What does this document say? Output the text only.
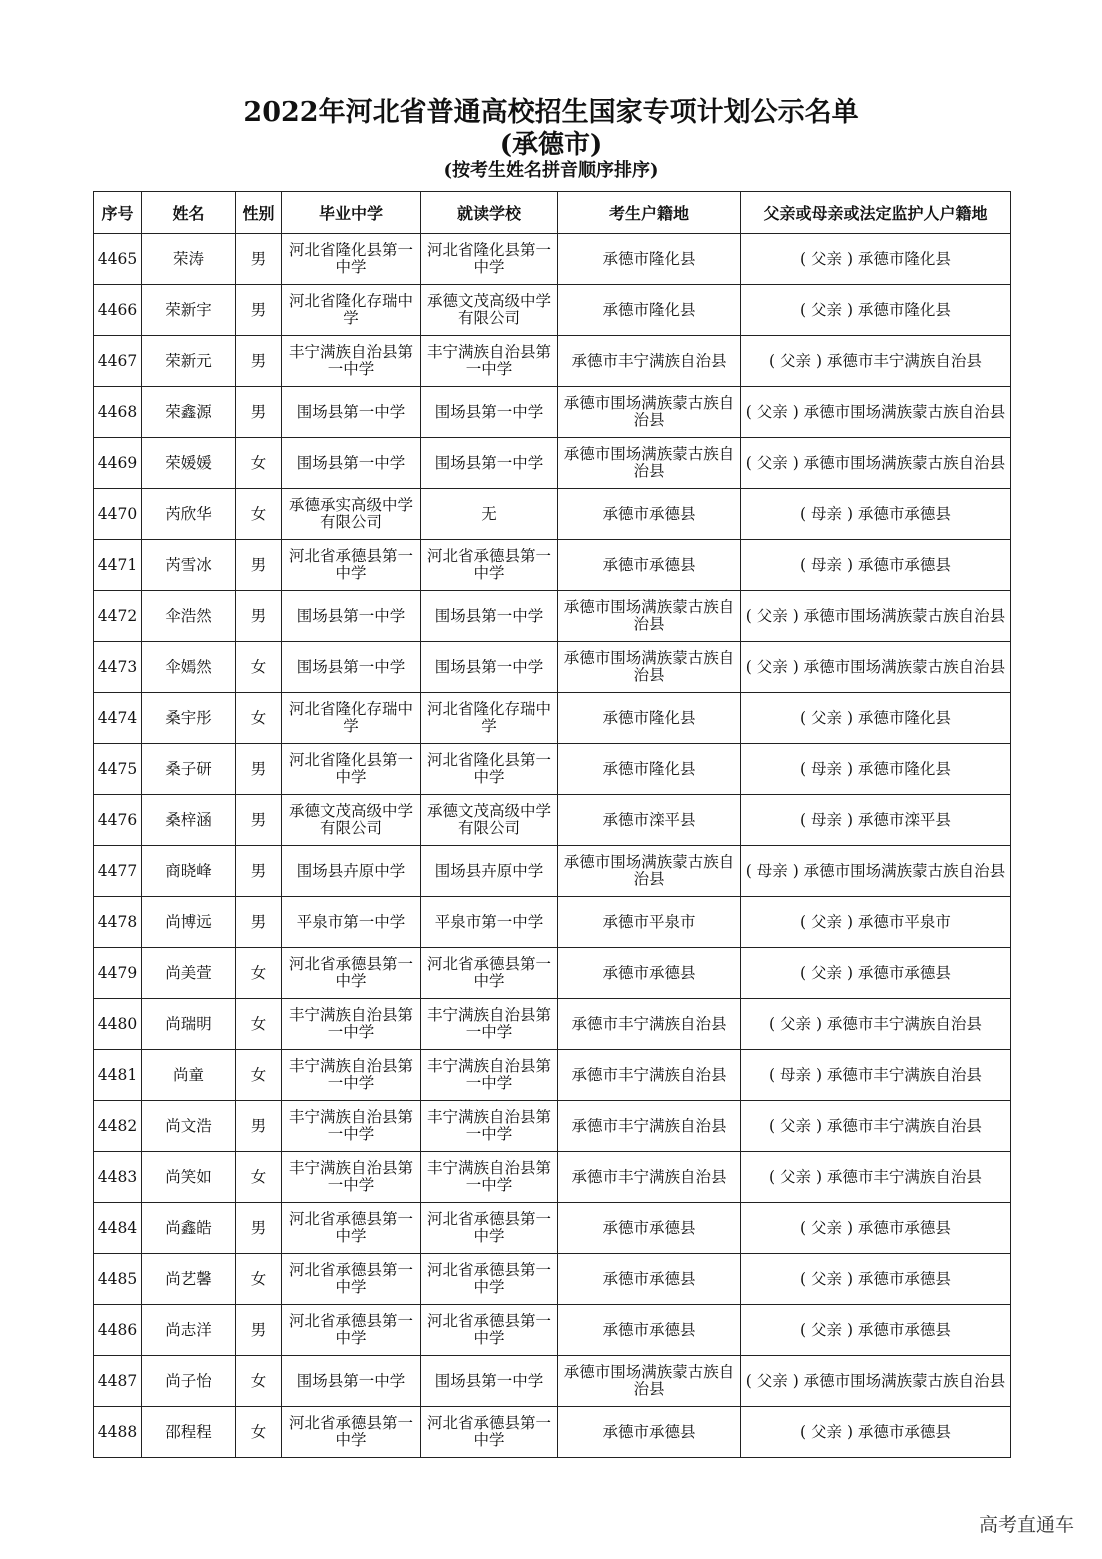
2022年河北省普通高校招生国家专项计划公示名单
(承德市)
(按考生姓名拼音顺序排序)
序号	姓名	性别	毕业中学	就读学校	考生户籍地	父亲或母亲或法定监护人户籍地
4465	荣涛	男	河北省隆化县第一中学	河北省隆化县第一中学	承德市隆化县	( 父亲 ) 承德市隆化县
4466	荣新宇	男	河北省隆化存瑞中学	承德文茂高级中学有限公司	承德市隆化县	( 父亲 ) 承德市隆化县
4467	荣新元	男	丰宁满族自治县第一中学	丰宁满族自治县第一中学	承德市丰宁满族自治县	( 父亲 ) 承德市丰宁满族自治县
4468	荣鑫源	男	围场县第一中学	围场县第一中学	承德市围场满族蒙古族自治县	( 父亲 ) 承德市围场满族蒙古族自治县
4469	荣媛媛	女	围场县第一中学	围场县第一中学	承德市围场满族蒙古族自治县	( 父亲 ) 承德市围场满族蒙古族自治县
4470	芮欣华	女	承德承实高级中学有限公司	无	承德市承德县	( 母亲 ) 承德市承德县
4471	芮雪冰	男	河北省承德县第一中学	河北省承德县第一中学	承德市承德县	( 母亲 ) 承德市承德县
4472	伞浩然	男	围场县第一中学	围场县第一中学	承德市围场满族蒙古族自治县	( 父亲 ) 承德市围场满族蒙古族自治县
4473	伞嫣然	女	围场县第一中学	围场县第一中学	承德市围场满族蒙古族自治县	( 父亲 ) 承德市围场满族蒙古族自治县
4474	桑宇彤	女	河北省隆化存瑞中学	河北省隆化存瑞中学	承德市隆化县	( 父亲 ) 承德市隆化县
4475	桑子研	男	河北省隆化县第一中学	河北省隆化县第一中学	承德市隆化县	( 母亲 ) 承德市隆化县
4476	桑梓涵	男	承德文茂高级中学有限公司	承德文茂高级中学有限公司	承德市滦平县	( 母亲 ) 承德市滦平县
4477	商晓峰	男	围场县卉原中学	围场县卉原中学	承德市围场满族蒙古族自治县	( 母亲 ) 承德市围场满族蒙古族自治县
4478	尚博远	男	平泉市第一中学	平泉市第一中学	承德市平泉市	( 父亲 ) 承德市平泉市
4479	尚美萱	女	河北省承德县第一中学	河北省承德县第一中学	承德市承德县	( 父亲 ) 承德市承德县
4480	尚瑞明	女	丰宁满族自治县第一中学	丰宁满族自治县第一中学	承德市丰宁满族自治县	( 父亲 ) 承德市丰宁满族自治县
4481	尚童	女	丰宁满族自治县第一中学	丰宁满族自治县第一中学	承德市丰宁满族自治县	( 母亲 ) 承德市丰宁满族自治县
4482	尚文浩	男	丰宁满族自治县第一中学	丰宁满族自治县第一中学	承德市丰宁满族自治县	( 父亲 ) 承德市丰宁满族自治县
4483	尚笑如	女	丰宁满族自治县第一中学	丰宁满族自治县第一中学	承德市丰宁满族自治县	( 父亲 ) 承德市丰宁满族自治县
4484	尚鑫皓	男	河北省承德县第一中学	河北省承德县第一中学	承德市承德县	( 父亲 ) 承德市承德县
4485	尚艺馨	女	河北省承德县第一中学	河北省承德县第一中学	承德市承德县	( 父亲 ) 承德市承德县
4486	尚志洋	男	河北省承德县第一中学	河北省承德县第一中学	承德市承德县	( 父亲 ) 承德市承德县
4487	尚子怡	女	围场县第一中学	围场县第一中学	承德市围场满族蒙古族自治县	( 父亲 ) 承德市围场满族蒙古族自治县
4488	邵程程	女	河北省承德县第一中学	河北省承德县第一中学	承德市承德县	( 父亲 ) 承德市承德县
高考直通车
